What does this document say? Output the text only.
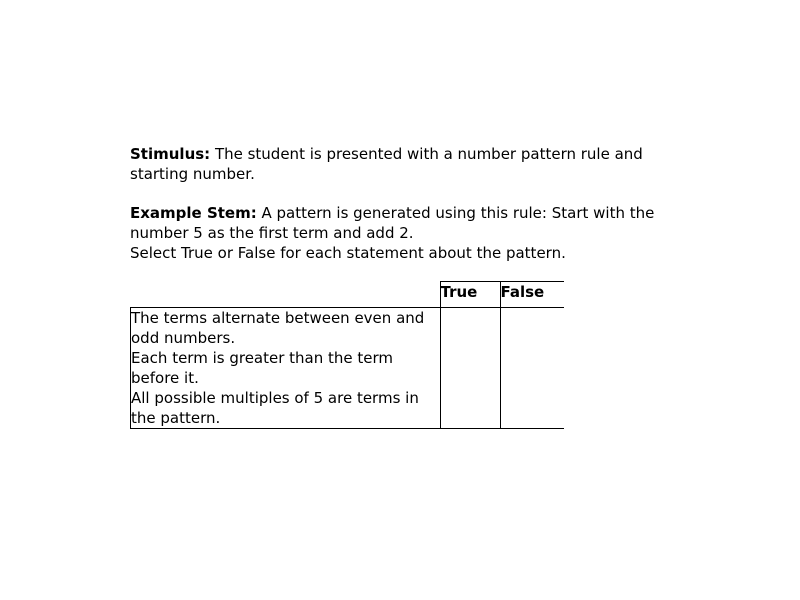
Stimulus: The student is presented with a number pattern rule and starting number.

Example Stem: A pattern is generated using this rule: Start with the number 5 as the first term and add 2.
Select True or False for each statement about the pattern.

	True	False
The terms alternate between even and odd numbers.		
Each term is greater than the term before it.		
All possible multiples of 5 are terms in the pattern.		
